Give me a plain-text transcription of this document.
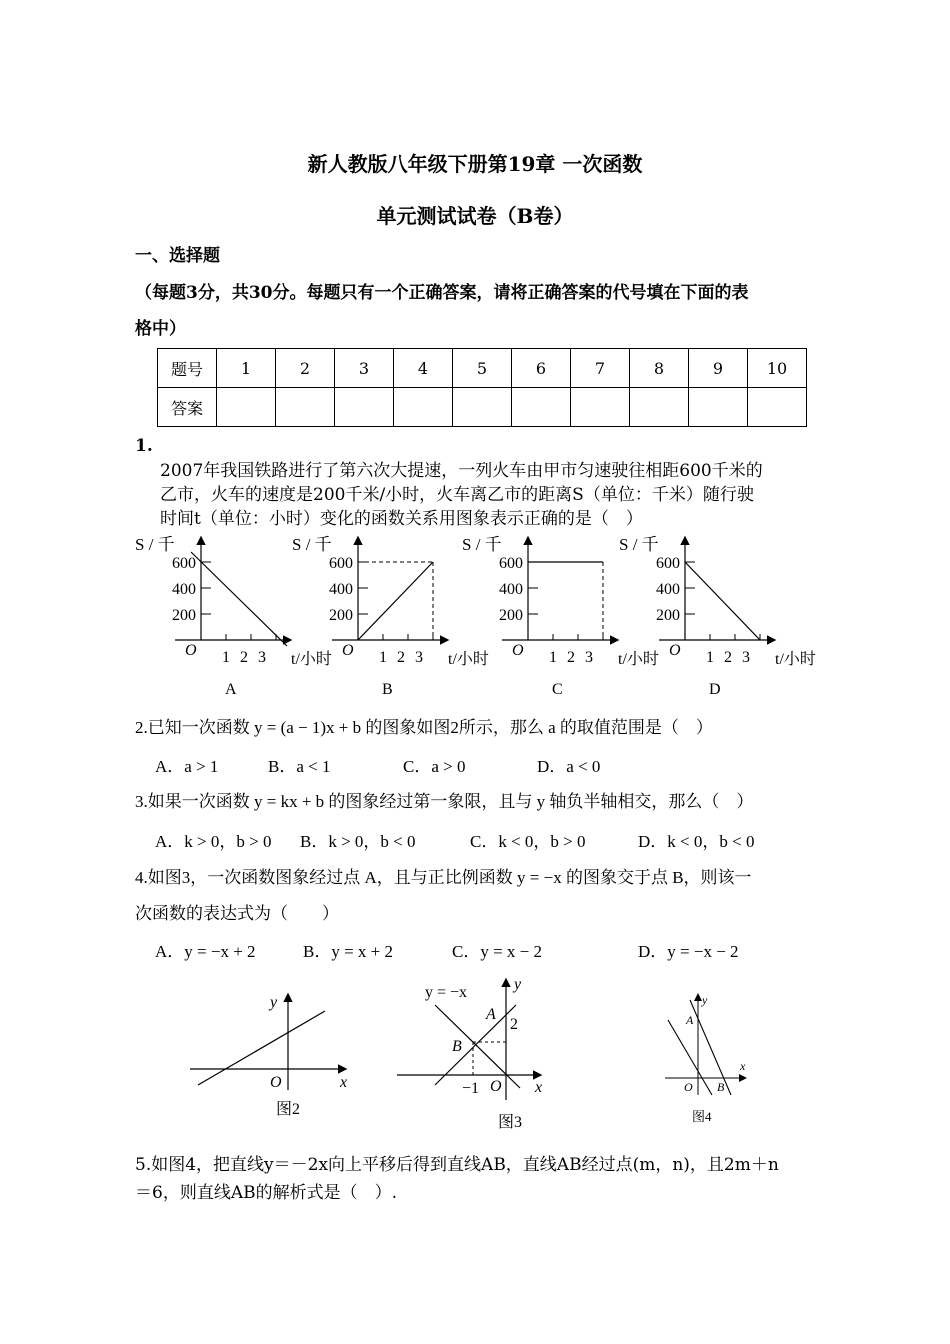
新人教版八年级下册第19章 一次函数
单元测试试卷（B卷）
一、选择题
（每题3分，共30分。每题只有一个正确答案，请将正确答案的代号填在下面的表
格中）
题号	1	2	3	4	5	6	7	8	9	10
答案										
1.
2007年我国铁路进行了第六次大提速，一列火车由甲市匀速驶往相距600千米的
乙市，火车的速度是200千米/小时，火车离乙市的距离S（单位：千米）随行驶
时间t（单位：小时）变化的函数关系用图象表示正确的是（　）
S / 千
600
400
200
O 1 2 3 t/小时
A
S / 千
600
400
200
O 1 2 3 t/小时
B
S / 千
600
400
200
O 1 2 3 t/小时
C
S / 千
600
400
200
O 1 2 3 t/小时
D
2.已知一次函数 y = (a − 1)x + b 的图象如图2所示，那么 a 的取值范围是（　）
A．a > 1	B．a < 1	C．a > 0	D．a < 0
3.如果一次函数 y = kx + b 的图象经过第一象限，且与 y 轴负半轴相交，那么（　）
A．k > 0，b > 0 B．k > 0，b < 0	C．k < 0，b > 0	D．k < 0，b < 0
4.如图3，一次函数图象经过点 A，且与正比例函数 y = −x 的图象交于点 B，则该一
次函数的表达式为（　　）
A．y = −x + 2	B．y = x + 2	C．y = x − 2	D．y = −x − 2
y
x
O
图2
y = −x	y
A
2
B
−1 O x
图3
y
A
x
O B
图4
5.如图4，把直线y＝－2x向上平移后得到直线AB，直线AB经过点(m，n)，且2m＋n
＝6，则直线AB的解析式是（　）.
